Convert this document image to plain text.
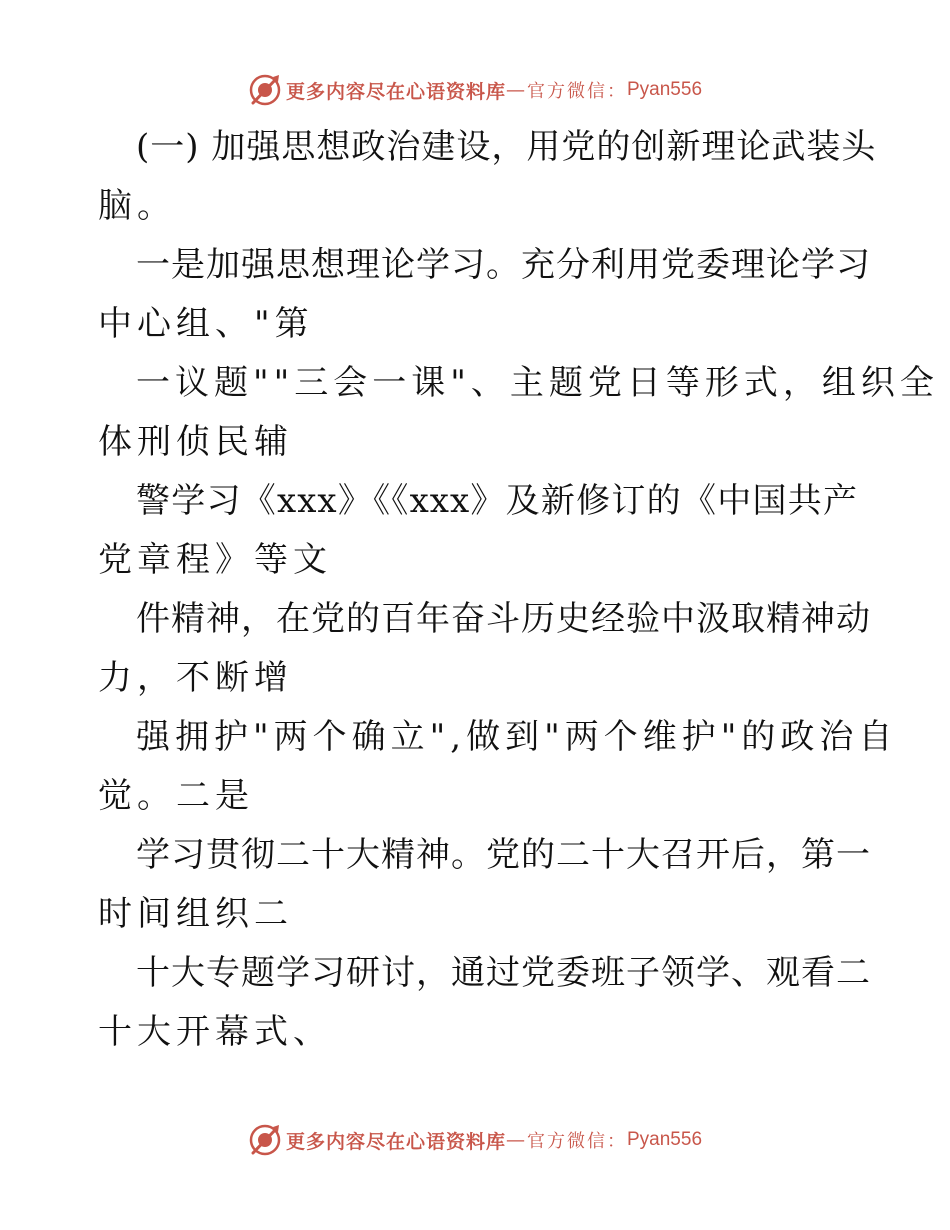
更多内容尽在心语资料库 — 官方微信： Pyan556
(一) 加强思想政治建设，用党的创新理论武装头
脑。
一是加强思想理论学习。充分利用党委理论学习
中心组、"第
一议题""三会一课"、主题党日等形式，组织全
体刑侦民辅
警学习《xxx》《《xxx》及新修订的《中国共产
党章程》等文
件精神，在党的百年奋斗历史经验中汲取精神动
力，不断增
强拥护"两个确立",做到"两个维护"的政治自
觉。二是
学习贯彻二十大精神。党的二十大召开后，第一
时间组织二
十大专题学习研讨，通过党委班子领学、观看二
十大开幕式、
更多内容尽在心语资料库 — 官方微信： Pyan556
